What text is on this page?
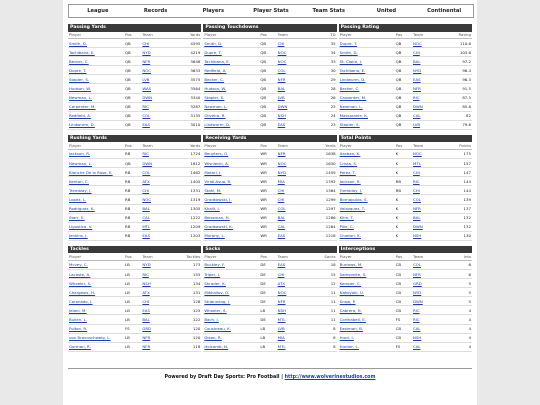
League	Records	Players	Player Stats	Team Stats	United	Continental
Passing Yards
Player	Pos	Team	Yards
Smith, D.	QB	CHI	4595
Tachibana, E.	QB	NYD	4219
Becker, C.	QB	NFR	3646
Dupre, T.	QB	NOC	3633
Stapler, S.	QB	LVB	3575
Hudson, W.	QB	WAS	3564
Newman, L.	QB	DWN	3340
Carpenter, M.	QB	RIC	3287
Redfield, A.	QB	COL	3135
Lindwurm, D.	QB	EAS	3010
Passing Touchdowns
Player	Pos	Team	TD
Smith, D.	QB	CHI	35
Dupre, T.	QB	NOC	34
Tachibana, E.	QB	NOC	33
Redfield, A.	QB	COL	30
Becker, C.	QB	NFR	29
Hudson, W.	QB	BAL	28
Stapler, S.	QB	LVB	26
Newman, L.	QB	DWN	25
Oliveira, R.	QB	NSH	24
Lindwurm, D.	QB	EAS	23
Passing Rating
Player	Pos	Team	Rating
Dupre, T.	QB	NOC	110.6
Smith, D.	QB	CHI	103.8
St. Claire, J.	QB	BAL	97.2
Tachibana, E.	QB	NYD	96.4
Lindwurm, D.	QB	EAS	96.3
Becker, C.	QB	NFR	91.5
Carpenter, M.	QB	RIC	87.5
Newman, L.	QB	DWN	85.8
Massaranie, K.	QB	CAL	82
Stapler, S.	QB	LVB	79.6
Rushing Yards
Player	Pos	Team	Yards
Jackson, R.	RB	RIC	1724
Newman, L.	QB	DWN	1612
Blanche De la Rosa, E.	RB	COL	1462
Kenton, C.	RB	ATX	1405
Tremblay, J.	RB	CHI	1331
Lopez, L.	RB	NOC	1319
Rodriguez, K.	RB	BAL	1305
Starr, E.	RB	CAL	1222
Ligustica, V.	RB	MTL	1209
Jenkins, J.	RB	EAS	1203
Receiving Yards
Player	Pos	Team	Yards
Beuyters, O.	WR	NFR	1638
Wisniecki, A.	WR	NOC	1630
Matari, J.	WR	NYD	1459
Viridi-Asua, R.	WR	MIA	1392
Stahl, M.	WR	CHI	1364
Gradkowski, J.	WR	CHI	1299
Khalil, J.	WR	COL	1297
Beissman, H.	WR	BAL	1286
Gradkowski, K.	WR	CAL	1264
Murphy, L.	WR	EAS	1218
Total Points
Player	Pos	Team	Points
Azeban, K.	K	NOC	175
Crista, S.	K	MTL	157
Perez, T.	K	CHI	147
Jackson, R.	RB	RIC	144
Tremblay, J.	RB	CHI	144
Bornapulos, S.	K	COL	139
Velazquez, T.	K	NFR	137
Klim, T.	K	BAL	132
Pike, C.	K	DWN	132
Clueton, K.	K	NSH	130
Tackles
Player	Pos	Team	Tackles
Mcvey, C.	LB	NYD	173
Lacoste, A.	LB	RIC	155
Wheeler, S.	LB	NSH	134
Chargeois, H.	LB	ATX	131
Coronado, J.	LB	CHI	128
Jelani, M.	LB	EAS	125
Bullen, L.	LB	BAL	122
Fulton, R.	FS	GRD	120
von Braunschweig, L.	LB	NFR	120
Gorman, R.	LB	NFR	118
Sacks
Player	Pos	Team	Sacks
Buckley, F.	DE	EAS	18
Triper, J.	DE	CHI	15
Shrader, K.	DE	ATX	12
Mikhailov, O.	DE	NOC	11
Stubnnaug, J.	DE	NFR	11
Wheeler, S.	LB	NSH	11
Bach, J.	DE	MTL	11
Cousineau, K.	LB	LVB	8
Dixon, R.	LB	MIA	8
Holcomb, N.	LB	MTL	8
Interceptions
Player	Pos	Team	Ints
Burrows, M.	CB	COL	6
Samsonite, S.	CB	NFR	6
Kemper, C.	CB	GRD	5
Nakoyaki, U.	CB	NYD	5
Snow, P.	CB	DWN	5
Cabrera, H.	CB	RIC	4
Corthabell, E.	FS	RIC	4
Eastman, B.	CB	CAL	4
Hunt, I.	CB	NSH	4
Hunter, L.	FS	CAL	4
Powered by Draft Day Sports: Pro Football | http://www.wolverinestudios.com
